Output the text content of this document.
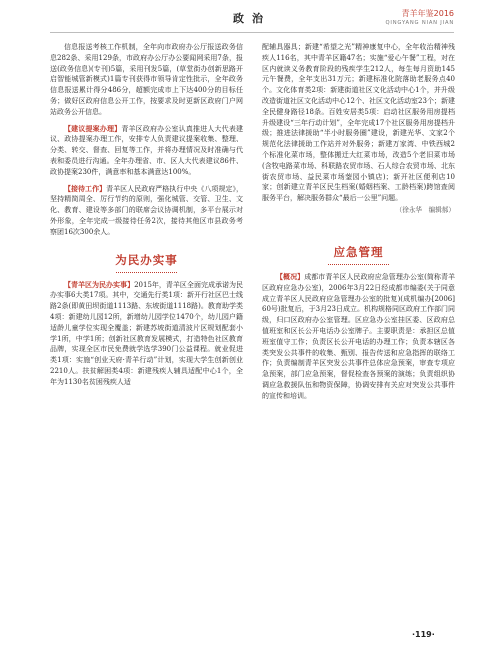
政治	青羊年鉴2016
QINGYANG NIAN JIAN

信息报送考核工作机制，全年向市政府办公厅报送政务信息282条、采用129条，市政府办公厅办公要闻网采用7条，报送(政务信息)(专刊)5篇，采用刊发5篇，(草堂街办创新思路开启智能城管新模式)1篇专刊获得市领导肯定性批示，全年政务信息报送累计得分486分，超额完成市上下达400分的目标任务；做好区政府信息公开工作，按要求及时更新区政府门户网站政务公开信息。

【建议提案办理】青羊区政府办公室认真推进人大代表建议、政协提案办理工作，安排专人负责建议提案收集、整理、分类、转交、督查、回复等工作，并将办理情况及时准确与代表和委员进行沟通。全年办理省、市、区人大代表建议86件、政协提案230件，满意率和基本满意达100%。

【接待工作】青羊区人民政府严格执行中央《八项规定》，坚持精简周全、厉行节约的原则，强化城管、交管、卫生、文化、教育、建设等多部门的联席会议协调机制，多平台展示对外形象，全年完成一级接待任务2次，接待其他区市县政务考察团16次300余人。

为民办实事

【青羊区为民办实事】2015年，青羊区全面完成承诺为民办实事6大类17项。其中，交通先行类1项：新开行社区巴士线路2条(即黄田坝街道1113路、东坡街道1118路)。教育助学类4项：新建幼儿园12所，新增幼儿园学位1470个，幼儿园户籍适龄儿童学位实现全覆盖；新建苏坡街道清波片区规划配套小学1所，中学1所；创新社区教育发展模式，打造特色社区教育品牌，实现全区市民免费就学选学390门公益课程。就业促进类1项：实施“创业天府·青羊行动”计划，实现大学生创新创业2210人。扶贫解困类4项：新建残疾人辅具适配中心1个，全年为1130名贫困残疾人适

配辅具器具；新建“希望之光”精神康复中心，全年收治精神残疾人116名，其中青羊区籍47名；实施“爱心午餐”工程，对在区内就读义务教育阶段的残疾学生212人，每生每月资助145元午餐费，全年支出31万元；新建标准化院落助老服务点40个。文化体育类2项：新建街道社区文化活动中心1个，并升级改造街道社区文化活动中心12个、社区文化活动室23个；新建全民健身路径18条。百姓安居类5项：启动社区服务用房提档升级建设“三年行动计划”，全年完成17个社区服务用房提档升级；推进法律援助“半小时服务圈”建设，新建光华、文家2个规范化法律援助工作站并对外服务；新建万家湾、中铁西城2个标准化菜市场，整体搬迁大红菜市场，改造5个老旧菜市场(含牧电路菜市场、科联路农贸市场、石人综合农贸市场、北东街农贸市场、益民菜市场蓥园小镇店)；新开社区便利店10家；创新建立青羊区民生档案(婚姻档案、工龄档案)跨馆查阅服务平台，解决服务群众“最后一公里”问题。

（徐永华　编辑郝）
应急管理

【概况】成都市青羊区人民政府应急管理办公室(简称青羊区政府应急办公室)，2006年3月22日经成都市编委(关于同意成立青羊区人民政府应急管理办公室的批复)(成机编办[2006]60号)批复后，于3月23日成立。机构规格同区政府工作部门同级，归口区政府办公室管理。区应急办公室挂区委、区政府总值班室和区长公开电话办公室牌子。主要职责是：承担区总值班室值守工作；负责区长公开电话的办理工作；负责本辖区各类突发公共事件的收集、甄别、报告传送和应急指挥的联络工作；负责编制青羊区突发公共事件总体应急预案，审查专项应急预案，部门应急预案，督促检查各预案的演练；负责组织协调应急救援队伍和物资保障，协调安排有关应对突发公共事件的宣传和培训。

·119·
